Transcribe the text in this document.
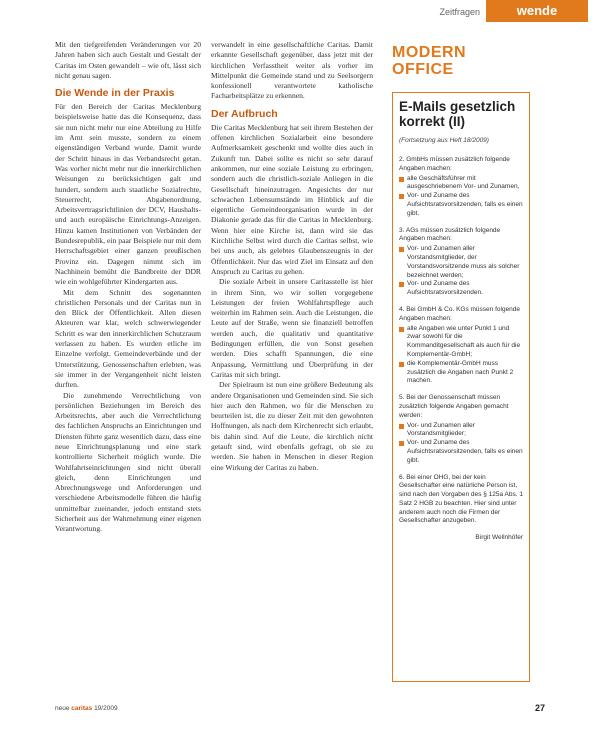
Zeitfragen	wende

Mit den tiefgreifenden Veränderungen vor 20 Jahren haben sich auch Gestalt und Gestalt der Caritas im Osten gewandelt – wie oft, lässt sich nicht genau sagen.

Die Wende in der Praxis

Für den Bereich der Caritas Mecklenburg beispielsweise hatte das die Konsequenz, dass sie nun nicht mehr nur eine Abteilung zu Hilfe im Amt sein musste, sondern zu einem eigenständigen Verband wurde. Damit wurde der Schritt hinaus in das Verbandsrecht getan. Was vorher nicht mehr nur die innerkirchlichen Weisungen zu berücksichtigen galt und hundert, sondern auch staatliche Sozialrechte, Steuerrecht, Abgabenordnung, Arbeitsvertragsrichtlinien der DCV, Haushalts- und auch europäische Einrichtungs-Anzeigen. Hinzu kamen Institutionen von Verbänden der Bundesrepublik, ein paar Beispiele nur mit dem Herrschaftsgebiet einer ganzen preußischen Provinz ein. Dagegen nimmt sich im Nachhinein bemüht die Bandbreite der DDR wie ein wohlgeführter Kindergarten aus.

Mit dem Schnitt des sogenannten christlichen Personals und der Caritas nun in den Blick der Öffentlichkeit. Allen diesen Akteuren war klar, welch schwerwiegender Schritt es war den innerkirchlichen Schutzraum verlassen zu haben. Es wurden etliche im Einzelne verfolgt. Gemeindeverbände und der Unterstützung, Genossenschaften erlebten, was sie immer in der Vergangenheit nicht leisten durften.

Die zunehmende Verrechtlichung von persönlichen Beziehungen im Bereich des Arbeitsrechts, aber auch die Verrechtlichung des fachlichen Anspruchs an Einrichtungen und Diensten führte ganz wesentlich dazu, dass eine neue Einrichtungsplanung und eine stark kontrollierte Sicherheit möglich wurde. Die Wohlfahrtseinrichtungen sind nicht überall gleich, denn Einrichtungen und Abrechnungswege und Anforderungen und verschiedene Arbeitsmodelle führen die häufig unmittelbar zueinander, jedoch entstand stets Sicherheit aus der Wahrnehmung einer eigenen Verantwortung.

verwandelt in eine gesellschaftliche Caritas. Damit erkannte Gesellschaft gegenüber, dass jetzt mit der kirchlichen Verfasstheit weiter als vorher im Mittelpunkt die Gemeinde stand und zu Seelsorgern konfessionell verantwortete katholische Facharbeitsplätze zu erkennen.

Der Aufbruch

Die Caritas Mecklenburg hat seit ihrem Bestehen der offenen kirchlichen Sozialarbeit eine besondere Aufmerksamkeit geschenkt und wollte dies auch in Zukunft tun. Dabei sollte es nicht so sehr darauf ankommen, nur eine soziale Leistung zu erbringen, sondern auch die christlich-soziale Anliegen in die Gesellschaft hineinzutragen. Angesichts der nur schwachen Lebensumstände im Hinblick auf die eigentliche Gemeindeorganisation wurde in der Diakonie gerade das für die Caritas in Mecklenburg. Wenn hier eine Kirche ist, dann wird sie das Kirchliche Selbst wird durch die Caritas selbst, wie bei uns auch, als gelebtes Glaubenszeugnis in der Öffentlichkeit. Nur das wird Ziel im Einsatz auf den Anspruch zu Caritas zu gehen.

Die soziale Arbeit in unsere Caritasstelle ist hier in ihrem Sinn, wo wir sollen vorgegebene Leistungen der freien Wohlfahrtspflege auch weiterhin im Rahmen sein. Auch die Leistungen, die Leute auf der Straße, wenn sie finanziell betroffen werden auch, die qualitativ und quantitative Bedingungen erfüllen, die von Sonst gesehen werden. Dies schafft Spannungen, die eine Anpassung, Vermittlung und Überprüfung in der Caritas mit sich bringt.

Der Spielraum ist nun eine größere Bedeutung als andere Organisationen und Gemeinden sind. Sie sich hier auch den Rahmen, wo für die Menschen zu beurteilen ist, die zu dieser Zeit mit den gewohnten Hoffnungen, als nach dem Kirchenrecht sich erlaubt, bis dahin sind. Auf die Leute, die kirchlich nicht getauft sind, wird ebenfalls gefragt, ob sie zu werden. Sie haben in Menschen in dieser Region eine Wirkung der Caritas zu haben.

MODERN
OFFICE
E-Mails gesetzlich korrekt (II)
(Fortsetzung aus Heft 18/2009)
2. GmbHs müssen zusätzlich folgende Angaben machen:
alle Geschäftsführer mit ausgeschriebenem Vor- und Zunamen,
Vor- und Zuname des Aufsichtsratsvorsitzenden, falls es einen gibt.
3. AGs müssen zusätzlich folgende Angaben machen:
Vor- und Zunamen aller Vorstandsmitglieder, der Vorstandsvorsitzende muss als solcher bezeichnet werden;
Vor- und Zuname des Aufsichtsratsvorsitzenden.
4. Bei GmbH & Co. KGs müssen folgende Angaben machen:
alle Angaben wie unter Punkt 1 und zwar sowohl für die Kommanditgesellschaft als auch für die Komplementär-GmbH;
die Komplementär-GmbH muss zusätzlich die Angaben nach Punkt 2 machen.
5. Bei der Genossenschaft müssen zusätzlich folgende Angaben gemacht werden:
Vor- und Zunamen aller Vorstandsmitglieder;
Vor- und Zuname des Aufsichtsratsvorsitzenden, falls es einen gibt.
6. Bei einer OHG, bei der kein Gesellschafter eine natürliche Person ist, sind nach den Vorgaben des § 125a Abs. 1 Satz 2 HGB zu beachten. Hier sind unter anderem auch noch die Firmen der Gesellschafter anzugeben.
Birgit Wellnhöfer
neue caritas 19/2009	27
